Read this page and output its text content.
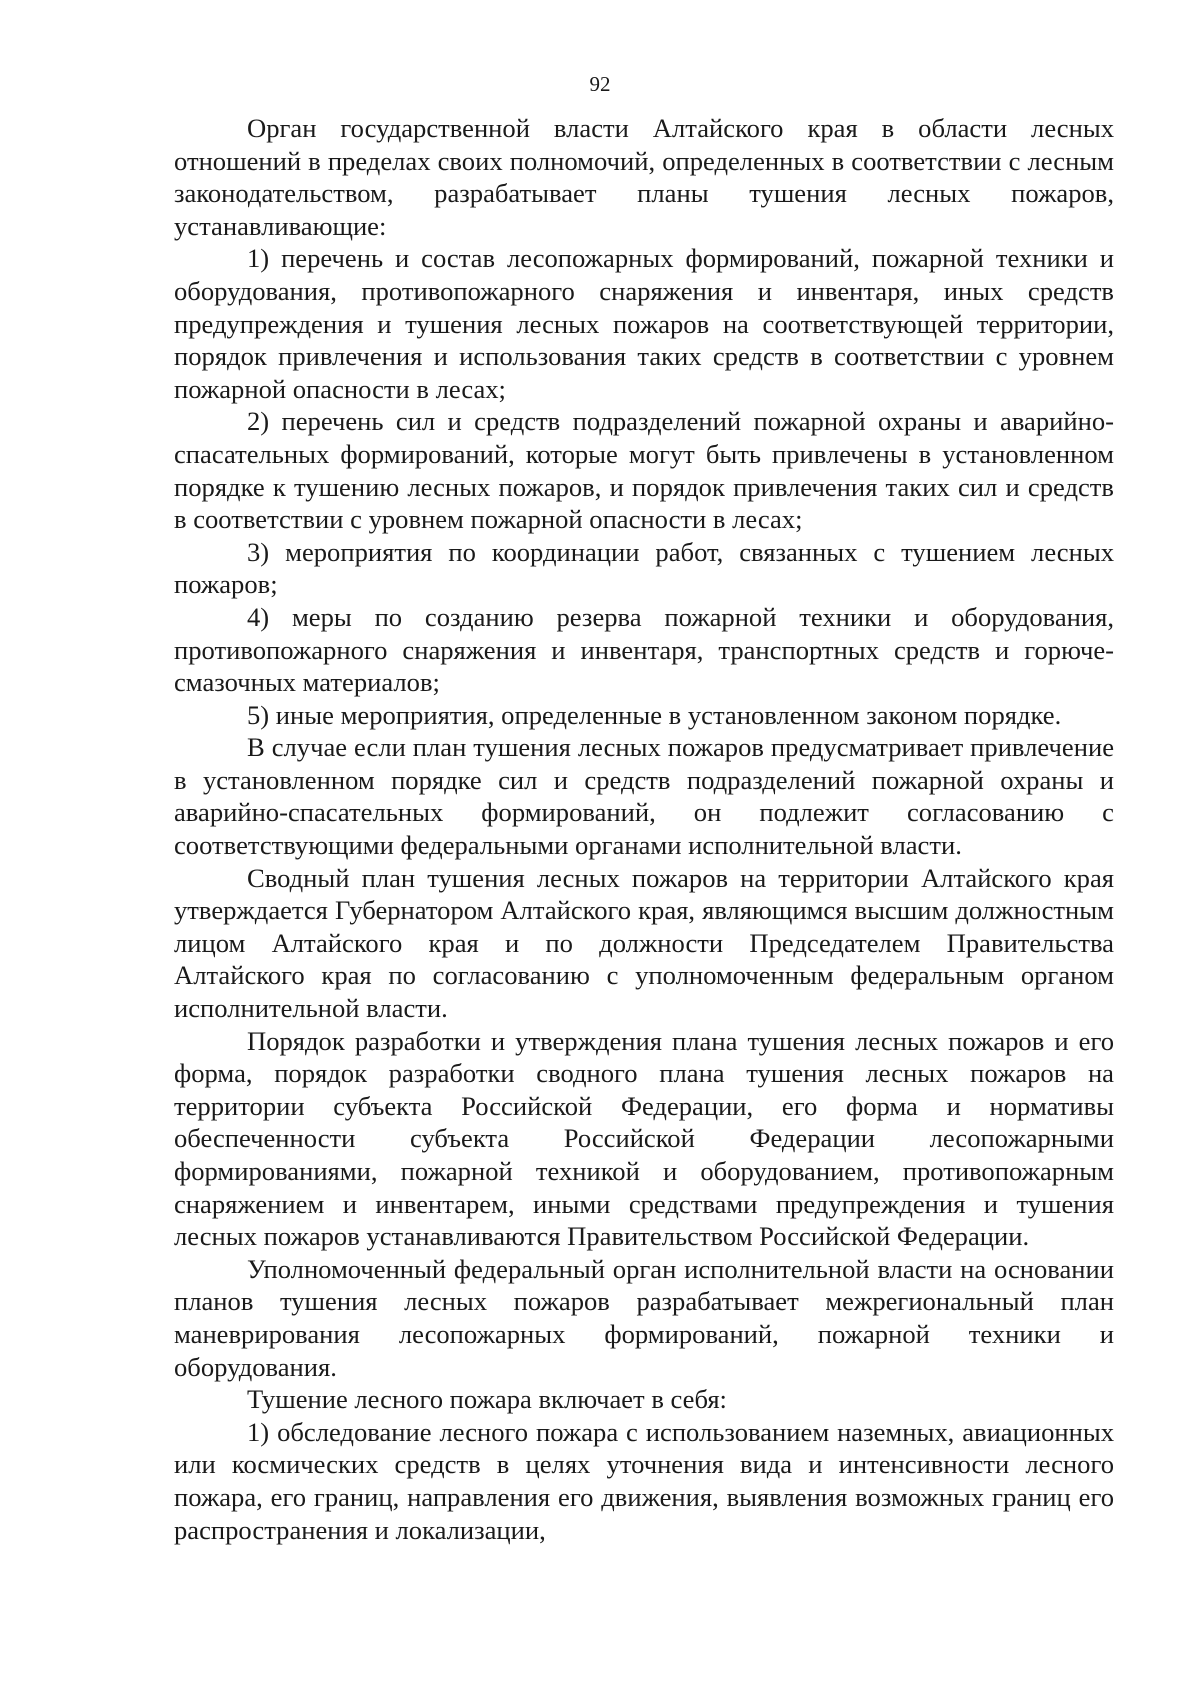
92

Орган государственной власти Алтайского края в области лесных отношений в пределах своих полномочий, определенных в соответствии с лесным законодательством, разрабатывает планы тушения лесных пожаров, устанавливающие:

1) перечень и состав лесопожарных формирований, пожарной техники и оборудования, противопожарного снаряжения и инвентаря, иных средств предупреждения и тушения лесных пожаров на соответствующей территории, порядок привлечения и использования таких средств в соответствии с уровнем пожарной опасности в лесах;

2) перечень сил и средств подразделений пожарной охраны и аварийно-спасательных формирований, которые могут быть привлечены в установленном порядке к тушению лесных пожаров, и порядок привлечения таких сил и средств в соответствии с уровнем пожарной опасности в лесах;

3) мероприятия по координации работ, связанных с тушением лесных пожаров;

4) меры по созданию резерва пожарной техники и оборудования, противопожарного снаряжения и инвентаря, транспортных средств и горюче-смазочных материалов;

5) иные мероприятия, определенные в установленном законом порядке.

В случае если план тушения лесных пожаров предусматривает привлечение в установленном порядке сил и средств подразделений пожарной охраны и аварийно-спасательных формирований, он подлежит согласованию с соответствующими федеральными органами исполнительной власти.

Сводный план тушения лесных пожаров на территории Алтайского края утверждается Губернатором Алтайского края, являющимся высшим должностным лицом Алтайского края и по должности Председателем Правительства Алтайского края по согласованию с уполномоченным федеральным органом исполнительной власти.

Порядок разработки и утверждения плана тушения лесных пожаров и его форма, порядок разработки сводного плана тушения лесных пожаров на территории субъекта Российской Федерации, его форма и нормативы обеспеченности субъекта Российской Федерации лесопожарными формированиями, пожарной техникой и оборудованием, противопожарным снаряжением и инвентарем, иными средствами предупреждения и тушения лесных пожаров устанавливаются Правительством Российской Федерации.

Уполномоченный федеральный орган исполнительной власти на основании планов тушения лесных пожаров разрабатывает межрегиональный план маневрирования лесопожарных формирований, пожарной техники и оборудования.

Тушение лесного пожара включает в себя:

1) обследование лесного пожара с использованием наземных, авиационных или космических средств в целях уточнения вида и интенсивности лесного пожара, его границ, направления его движения, выявления возможных границ его распространения и локализации,
